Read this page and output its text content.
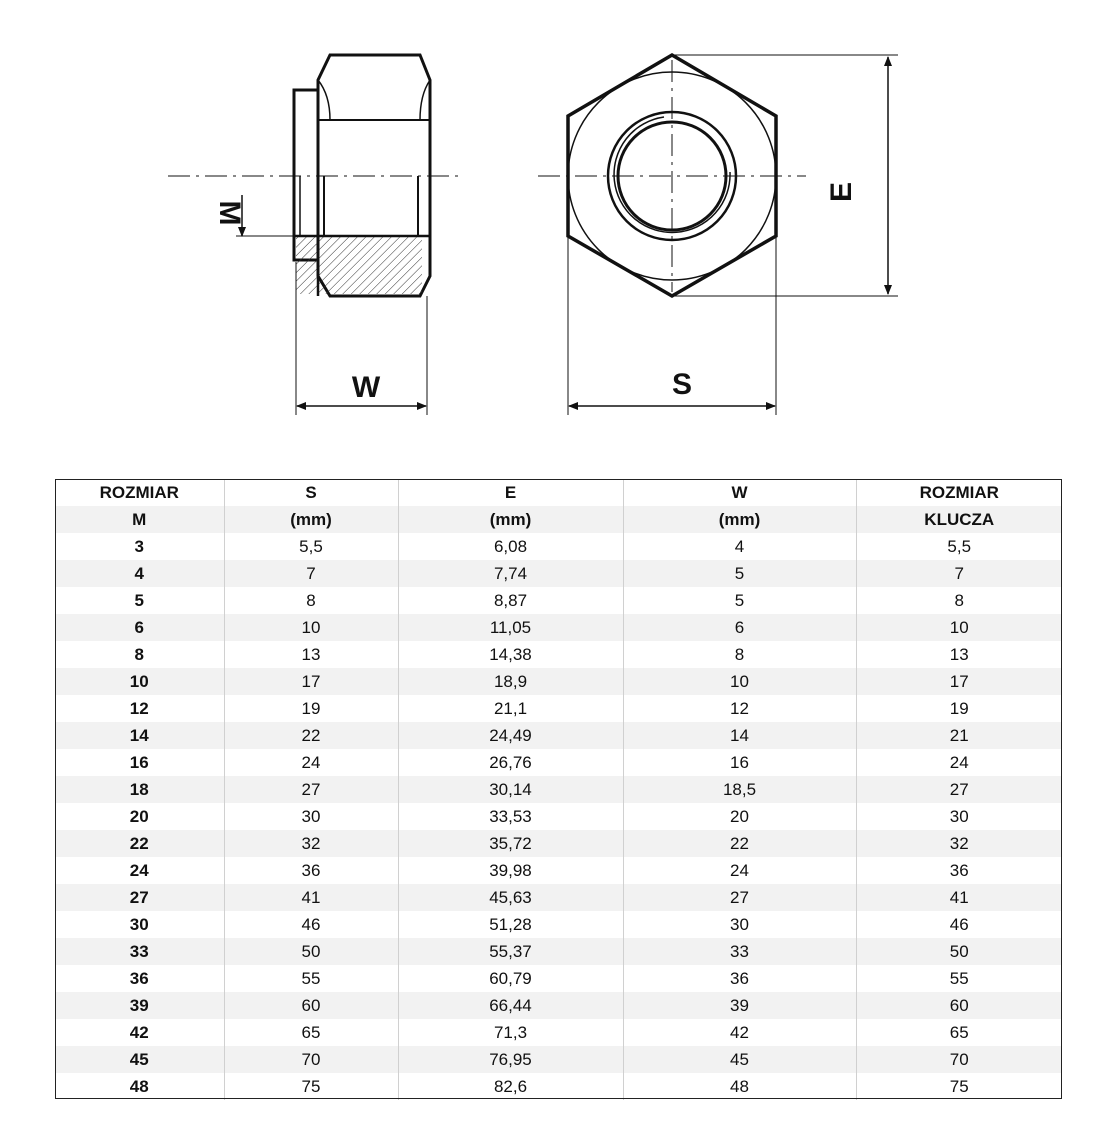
M
W	S
E
ROZMIAR	S	E	W	ROZMIAR
M	(mm)	(mm)	(mm)	KLUCZA
3	5,5	6,08	4	5,5
4	7	7,74	5	7
5	8	8,87	5	8
6	10	11,05	6	10
8	13	14,38	8	13
10	17	18,9	10	17
12	19	21,1	12	19
14	22	24,49	14	21
16	24	26,76	16	24
18	27	30,14	18,5	27
20	30	33,53	20	30
22	32	35,72	22	32
24	36	39,98	24	36
27	41	45,63	27	41
30	46	51,28	30	46
33	50	55,37	33	50
36	55	60,79	36	55
39	60	66,44	39	60
42	65	71,3	42	65
45	70	76,95	45	70
48	75	82,6	48	75
